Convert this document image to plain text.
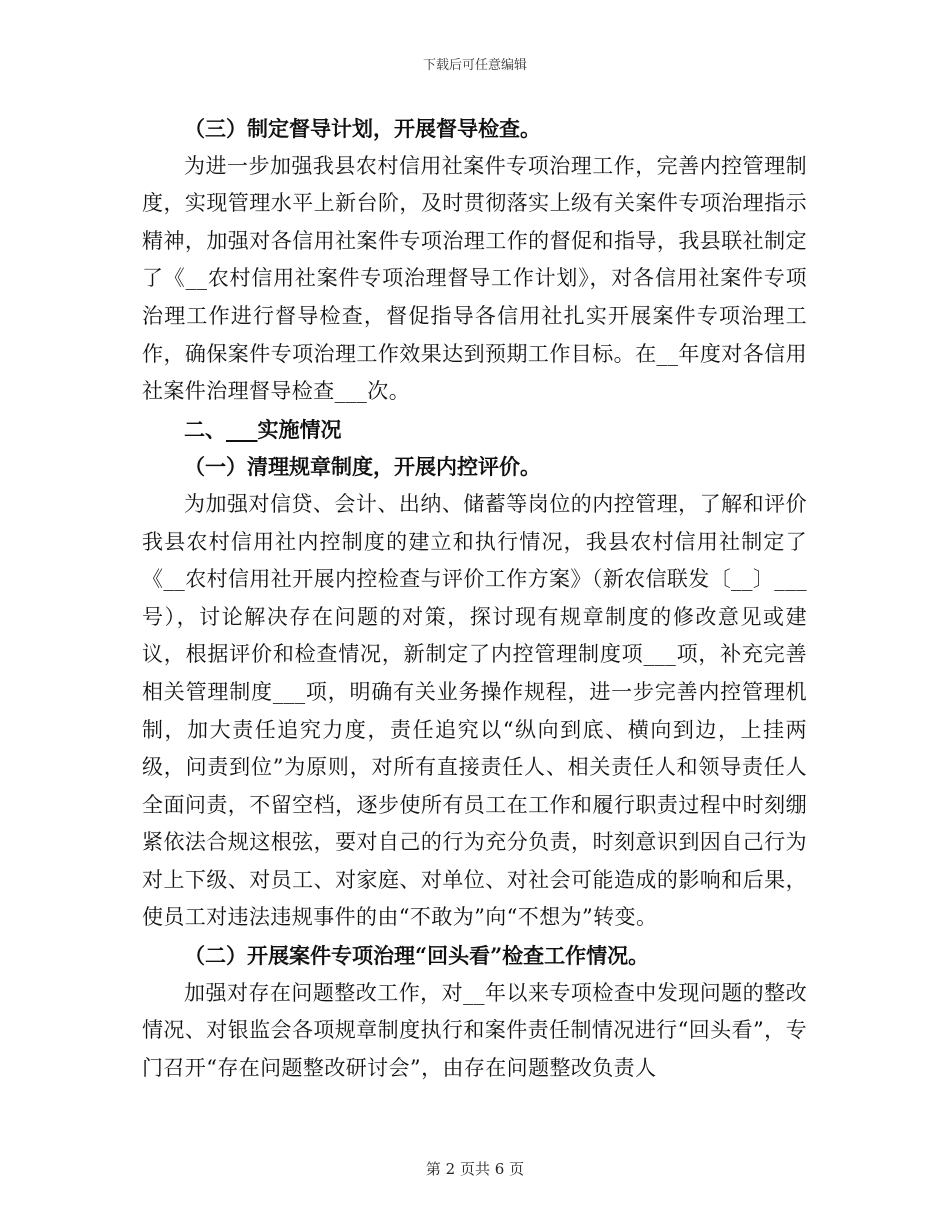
下载后可任意编辑

（三）制定督导计划，开展督导检查。

为进一步加强我县农村信用社案件专项治理工作，完善内控管理制度，实现管理水平上新台阶，及时贯彻落实上级有关案件专项治理指示精神，加强对各信用社案件专项治理工作的督促和指导，我县联社制定了《__农村信用社案件专项治理督导工作计划》，对各信用社案件专项治理工作进行督导检查，督促指导各信用社扎实开展案件专项治理工作，确保案件专项治理工作效果达到预期工作目标。在__年度对各信用社案件治理督导检查___次。

二、___实施情况

（一）清理规章制度，开展内控评价。

为加强对信贷、会计、出纳、储蓄等岗位的内控管理，了解和评价我县农村信用社内控制度的建立和执行情况，我县农村信用社制定了《__农村信用社开展内控检查与评价工作方案》（新农信联发〔__〕___号），讨论解决存在问题的对策，探讨现有规章制度的修改意见或建议，根据评价和检查情况，新制定了内控管理制度项___项，补充完善相关管理制度___项，明确有关业务操作规程，进一步完善内控管理机制，加大责任追究力度，责任追究以“纵向到底、横向到边，上挂两级，问责到位”为原则，对所有直接责任人、相关责任人和领导责任人全面问责，不留空档，逐步使所有员工在工作和履行职责过程中时刻绷紧依法合规这根弦，要对自己的行为充分负责，时刻意识到因自己行为对上下级、对员工、对家庭、对单位、对社会可能造成的影响和后果，使员工对违法违规事件的由“不敢为”向“不想为”转变。

（二）开展案件专项治理“回头看”检查工作情况。

加强对存在问题整改工作，对__年以来专项检查中发现问题的整改情况、对银监会各项规章制度执行和案件责任制情况进行“回头看”，专门召开“存在问题整改研讨会”，由存在问题整改负责人

第 2 页共 6 页
